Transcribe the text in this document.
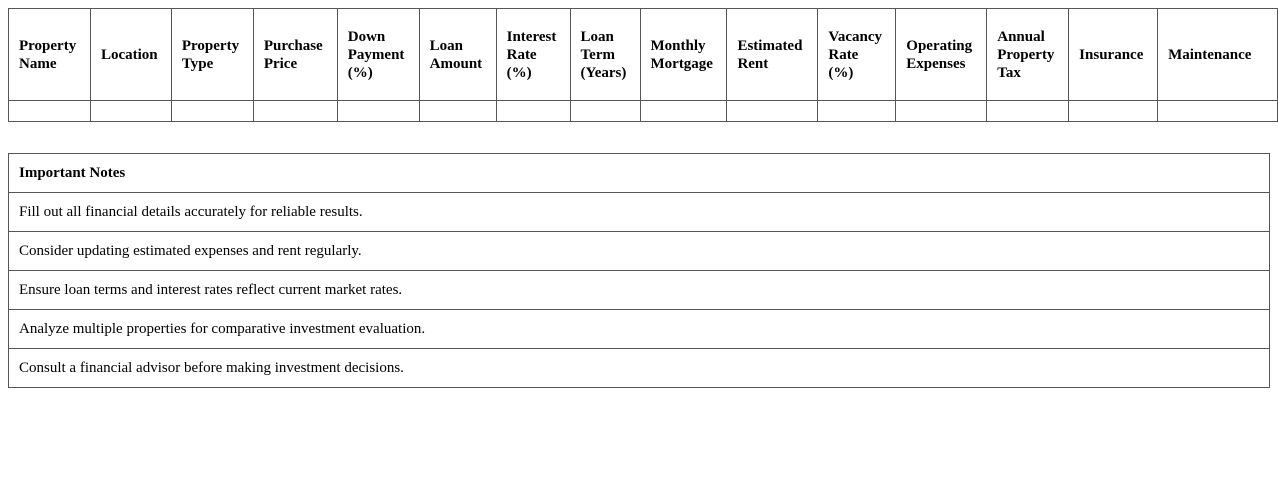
Property Name	Location	Property Type	Purchase Price	Down Payment (%)	Loan Amount	Interest Rate (%)	Loan Term (Years)	Monthly Mortgage	Estimated Rent	Vacancy Rate (%)	Operating Expenses	Annual Property Tax	Insurance	Maintenance

Important Notes
Fill out all financial details accurately for reliable results.
Consider updating estimated expenses and rent regularly.
Ensure loan terms and interest rates reflect current market rates.
Analyze multiple properties for comparative investment evaluation.
Consult a financial advisor before making investment decisions.
